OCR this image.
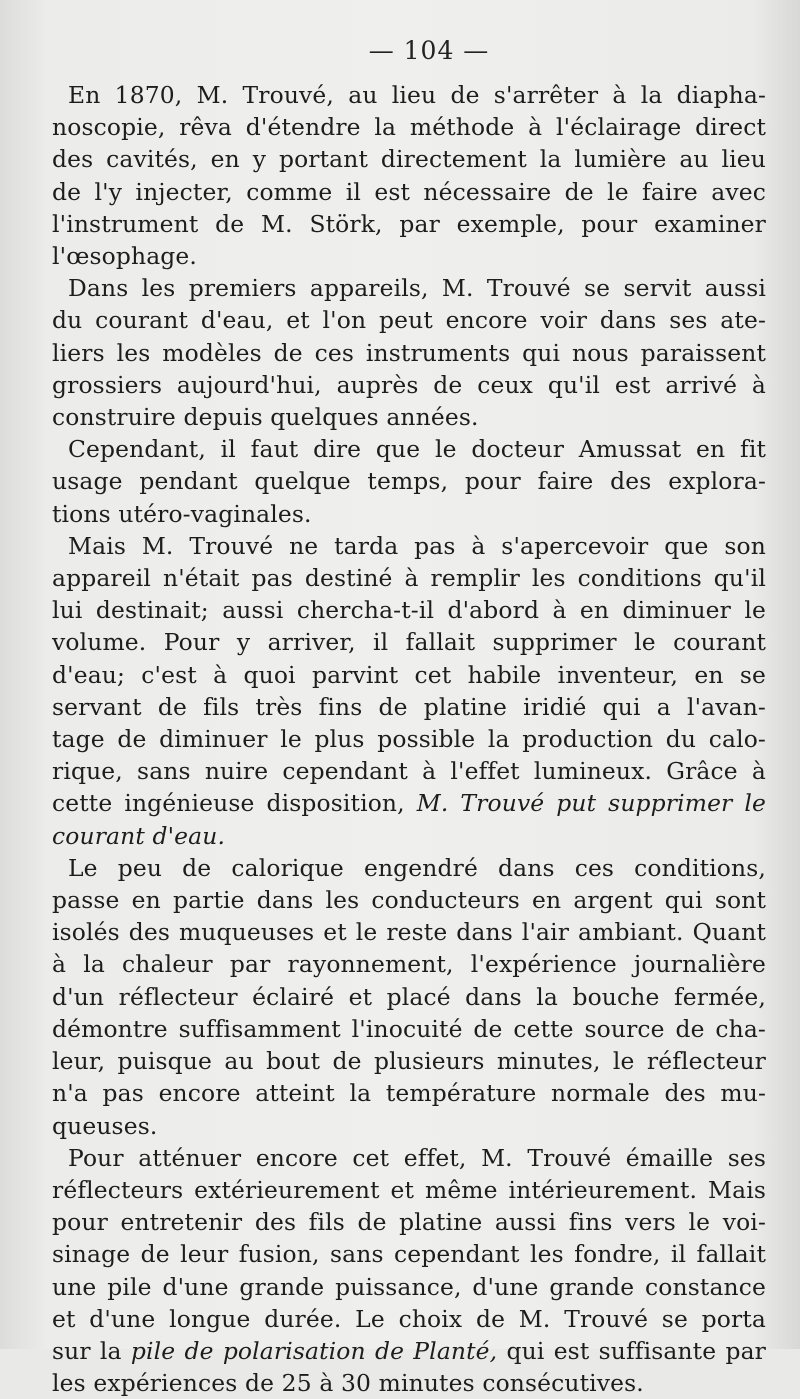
— 104 —
En 1870, M. Trouvé, au lieu de s'arrêter à la diapha- noscopie, rêva d'étendre la méthode à l'éclairage direct des cavités, en y portant directement la lumière au lieu de l'y injecter, comme il est nécessaire de le faire avec l'instrument de M. Störk, par exemple, pour examiner l'œsophage.
Dans les premiers appareils, M. Trouvé se servit aussi du courant d'eau, et l'on peut encore voir dans ses ate- liers les modèles de ces instruments qui nous paraissent grossiers aujourd'hui, auprès de ceux qu'il est arrivé à construire depuis quelques années.
Cependant, il faut dire que le docteur Amussat en fit usage pendant quelque temps, pour faire des explora- tions utéro-vaginales.
Mais M. Trouvé ne tarda pas à s'apercevoir que son appareil n'était pas destiné à remplir les conditions qu'il lui destinait; aussi chercha-t-il d'abord à en diminuer le volume. Pour y arriver, il fallait supprimer le courant d'eau; c'est à quoi parvint cet habile inventeur, en se servant de fils très fins de platine iridié qui a l'avan- tage de diminuer le plus possible la production du calo- rique, sans nuire cependant à l'effet lumineux. Grâce à cette ingénieuse disposition, M. Trouvé put supprimer le courant d'eau.
Le peu de calorique engendré dans ces conditions, passe en partie dans les conducteurs en argent qui sont isolés des muqueuses et le reste dans l'air ambiant. Quant à la chaleur par rayonnement, l'expérience journalière d'un réflecteur éclairé et placé dans la bouche fermée, démontre suffisamment l'inocuité de cette source de cha- leur, puisque au bout de plusieurs minutes, le réflecteur n'a pas encore atteint la température normale des mu- queuses.
Pour atténuer encore cet effet, M. Trouvé émaille ses réflecteurs extérieurement et même intérieurement. Mais pour entretenir des fils de platine aussi fins vers le voi- sinage de leur fusion, sans cependant les fondre, il fallait une pile d'une grande puissance, d'une grande constance et d'une longue durée. Le choix de M. Trouvé se porta sur la pile de polarisation de Planté, qui est suffisante par les expériences de 25 à 30 minutes consécutives.
